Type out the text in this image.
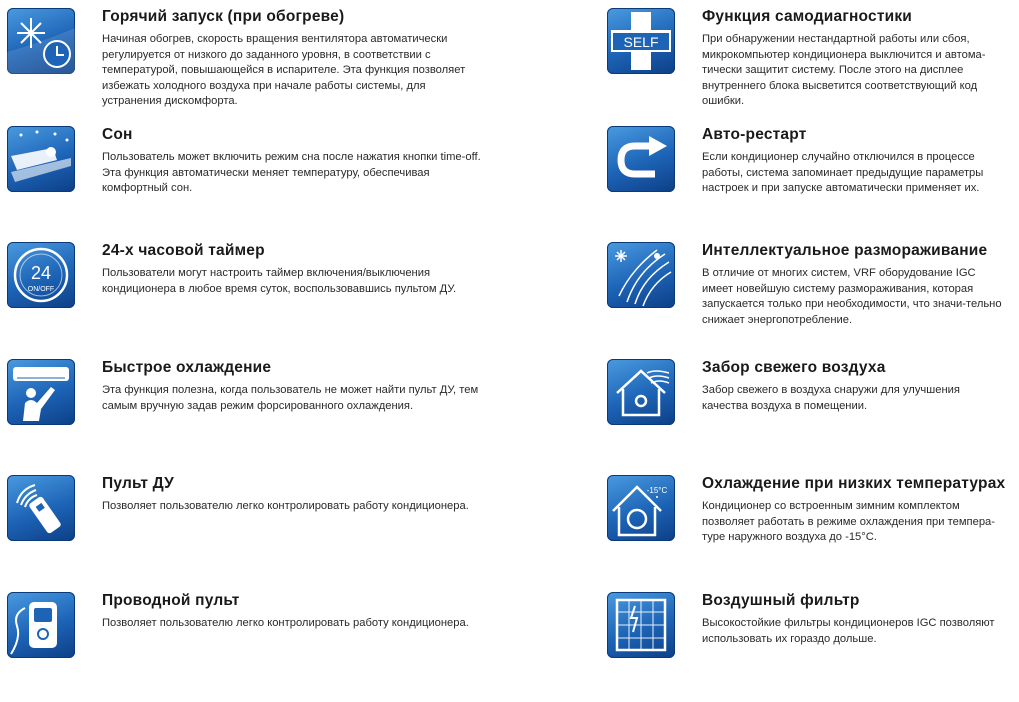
Горячий запуск (при обогреве)
Начиная обогрев, скорость вращения вентилятора автоматически регулируется от низкого до заданного уровня, в соответствии с температурой, повышающейся в испарителе. Эта функция позволяет избежать холодного воздуха при начале работы системы, для устранения дискомфорта.
Сон
Пользователь может включить режим сна после нажатия кнопки time-off. Эта функция автоматически меняет температуру, обеспечивая комфортный сон.
24
ON/OFF
24-х часовой таймер
Пользователи могут настроить таймер включения/выключения кондиционера в любое время суток, воспользовавшись пультом ДУ.
Быстрое охлаждение
Эта функция полезна, когда пользователь не может найти пульт ДУ, тем самым вручную задав режим форсированного охлаждения.
Пульт ДУ
Позволяет пользователю легко контролировать работу кондиционера.
Проводной пульт
Позволяет пользователю легко контролировать работу кондиционера.
SELF
Функция самодиагностики
При обнаружении нестандартной работы или сбоя, микрокомпьютер кондиционера выключится и автома-тически защитит систему. После этого на дисплее внутреннего блока высветится соответствующий код ошибки.
Авто-рестарт
Если кондиционер случайно отключился в процессе работы, система запоминает предыдущие параметры настроек и при запуске автоматически применяет их.
Интеллектуальное размораживание
В отличие от многих систем, VRF оборудование IGC имеет новейшую систему размораживания, которая запускается только при необходимости, что значи-тельно снижает энергопотребление.
Забор свежего воздуха
Забор свежего в воздуха снаружи для улучшения качества воздуха в помещении.
-15°C Охлаждение при низких температурах
Кондиционер со встроенным зимним комплектом позволяет работать в режиме охлаждения при темпера-туре наружного воздуха до -15°С.
Воздушный фильтр
Высокостойкие фильтры кондиционеров IGC позволяют использовать их гораздо дольше.
